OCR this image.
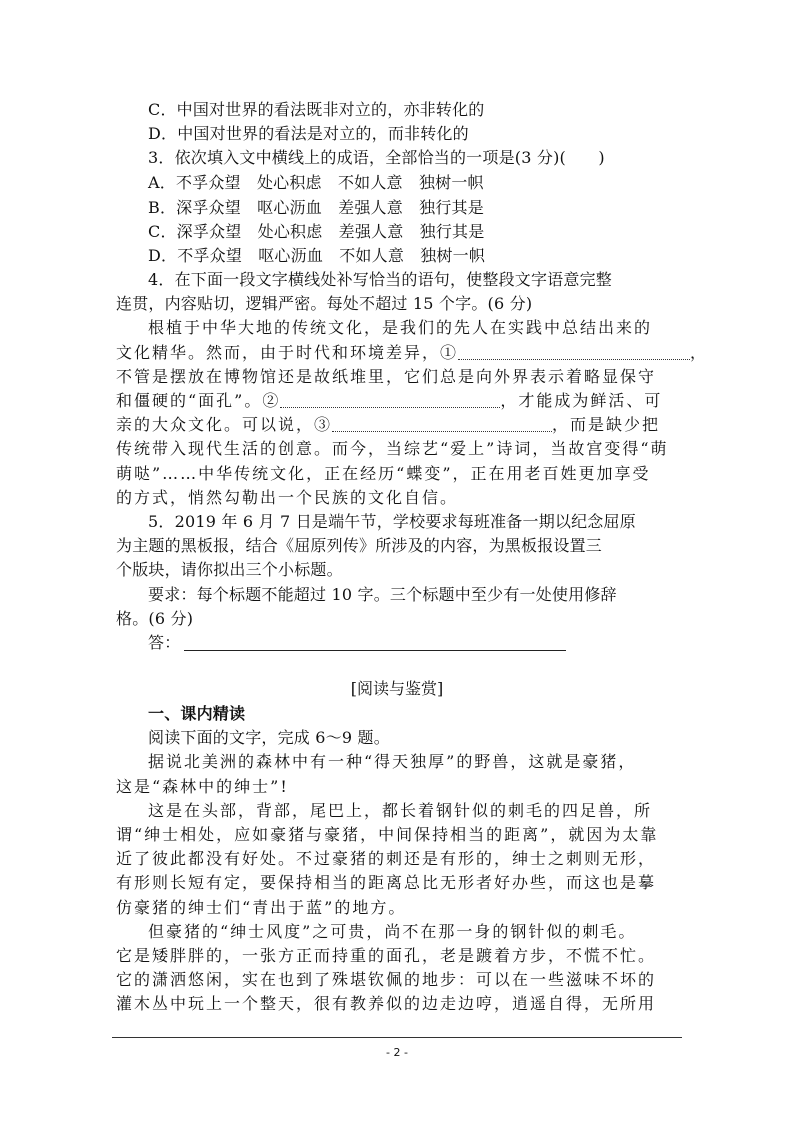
C．中国对世界的看法既非对立的，亦非转化的
D．中国对世界的看法是对立的，而非转化的
3．依次填入文中横线上的成语，全部恰当的一项是(3 分)(　　)
A．不孚众望　处心积虑　不如人意　独树一帜
B．深孚众望　呕心沥血　差强人意　独行其是
C．深孚众望　处心积虑　差强人意　独行其是
D．不孚众望　呕心沥血　不如人意　独树一帜
4．在下面一段文字横线处补写恰当的语句，使整段文字语意完整
连贯，内容贴切，逻辑严密。每处不超过 15 个字。(6 分)
根植于中华大地的传统文化，是我们的先人在实践中总结出来的
文化精华。然而，由于时代和环境差异，①	，
不管是摆放在博物馆还是故纸堆里，它们总是向外界表示着略显保守
和僵硬的“面孔”。②	，才能成为鲜活、可
亲的大众文化。可以说，③	，而是缺少把
传统带入现代生活的创意。而今，当综艺“爱上”诗词，当故宫变得“萌
萌哒”……中华传统文化，正在经历“蝶变”，正在用老百姓更加享受
的方式，悄然勾勒出一个民族的文化自信。
5．2019 年 6 月 7 日是端午节，学校要求每班准备一期以纪念屈原
为主题的黑板报，结合《屈原列传》所涉及的内容，为黑板报设置三
个版块，请你拟出三个小标题。
要求：每个标题不能超过 10 字。三个标题中至少有一处使用修辞
格。(6 分)
答：
[阅读与鉴赏]
一、课内精读
阅读下面的文字，完成 6～9 题。
据说北美洲的森林中有一种“得天独厚”的野兽，这就是豪猪，
这是“森林中的绅士”!
这是在头部，背部，尾巴上，都长着钢针似的刺毛的四足兽，所
谓“绅士相处，应如豪猪与豪猪，中间保持相当的距离”，就因为太靠
近了彼此都没有好处。不过豪猪的刺还是有形的，绅士之刺则无形，
有形则长短有定，要保持相当的距离总比无形者好办些，而这也是摹
仿豪猪的绅士们“青出于蓝”的地方。
但豪猪的“绅士风度”之可贵，尚不在那一身的钢针似的刺毛。
它是矮胖胖的，一张方正而持重的面孔，老是踱着方步，不慌不忙。
它的潇洒悠闲，实在也到了殊堪钦佩的地步：可以在一些滋味不坏的
灌木丛中玩上一个整天，很有教养似的边走边哼，逍遥自得，无所用
- 2 -
